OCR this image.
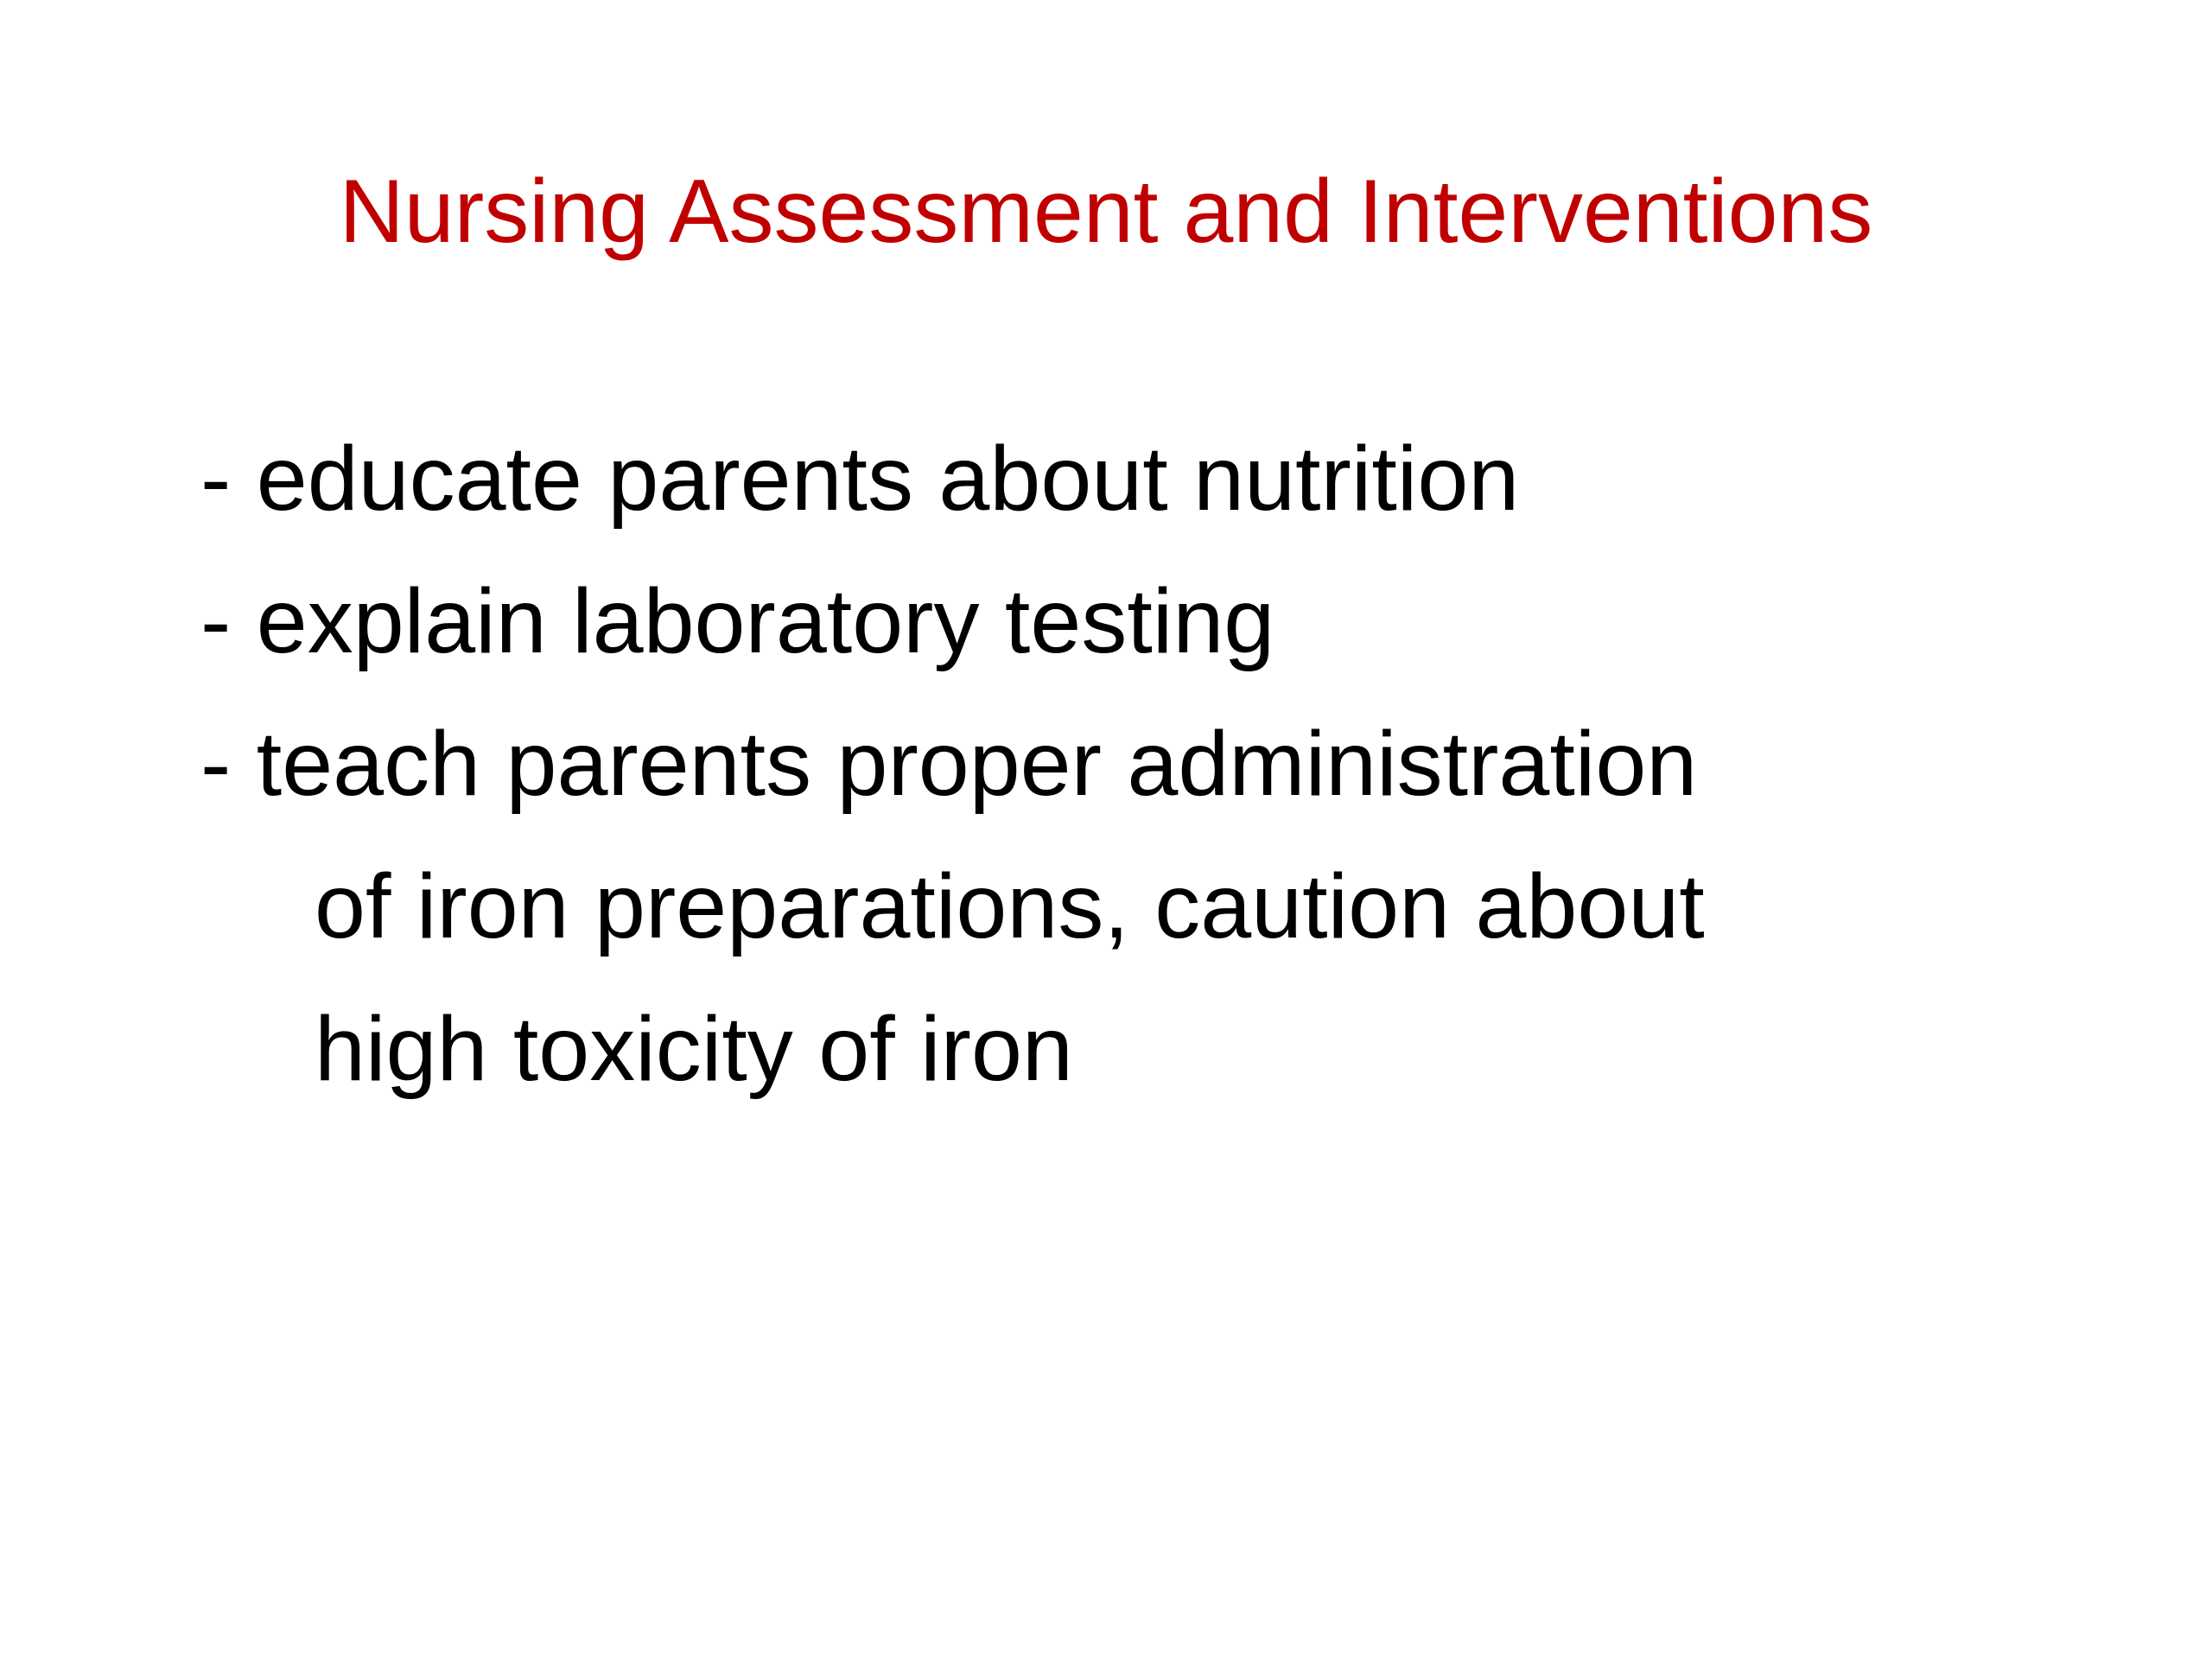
Nursing Assessment and Interventions
- educate parents about nutrition
- explain laboratory testing
- teach parents proper administration
of iron preparations, caution about
high toxicity of iron
